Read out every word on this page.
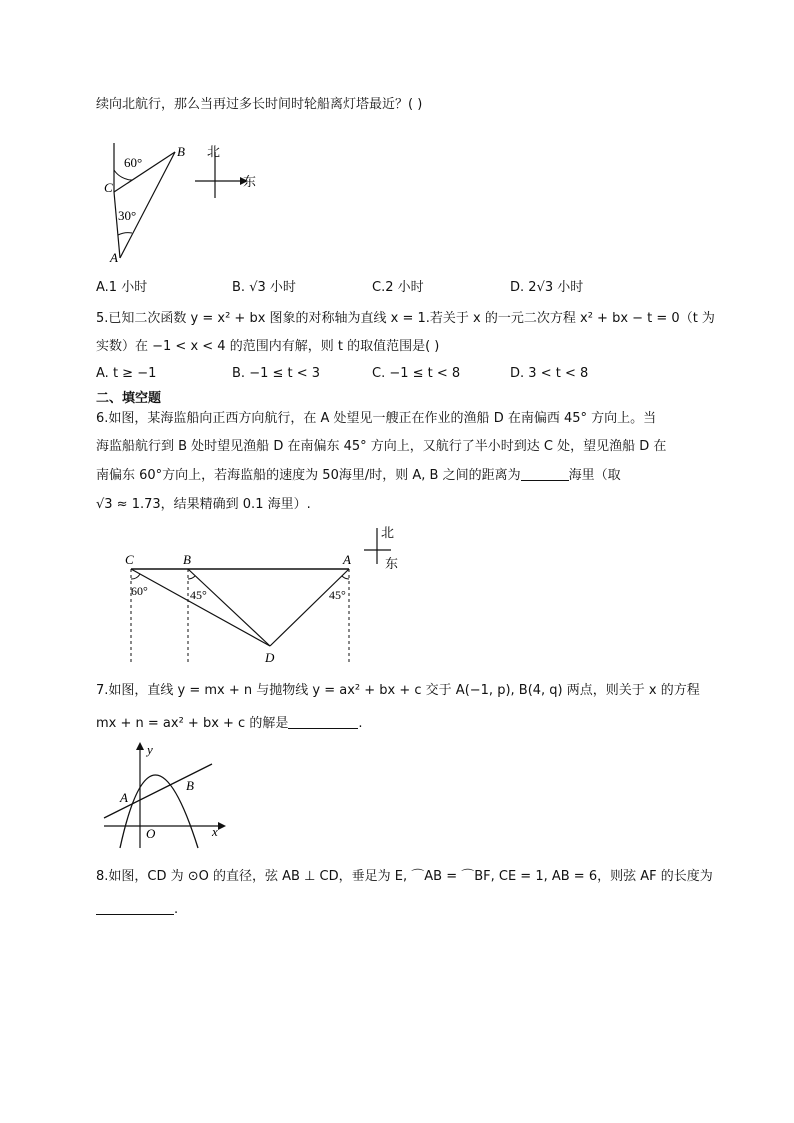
续向北航行，那么当再过多长时间时轮船离灯塔最近？( )
60°
30°
B
C
A
北
东
A.1 小时	B. √3 小时	C.2 小时	D. 2√3 小时
5.已知二次函数 y = x² + bx 图象的对称轴为直线 x = 1.若关于 x 的一元二次方程 x² + bx − t = 0（t 为
实数）在 −1 < x < 4 的范围内有解，则 t 的取值范围是( )
A. t ≥ −1	B. −1 ≤ t < 3	C. −1 ≤ t < 8	D. 3 < t < 8
二、填空题
6.如图，某海监船向正西方向航行，在 A 处望见一艘正在作业的渔船 D 在南偏西 45° 方向上。当
海监船航行到 B 处时望见渔船 D 在南偏东 45° 方向上，又航行了半小时到达 C 处，望见渔船 D 在
南偏东 60°方向上，若海监船的速度为 50海里/时，则 A, B 之间的距离为	海里（取
√3 ≈ 1.73，结果精确到 0.1 海里）.
C	B	A
D
60°	45°	45°
北
东
7.如图，直线 y = mx + n 与抛物线 y = ax² + bx + c 交于 A(−1, p), B(4, q) 两点，则关于 x 的方程
mx + n = ax² + bx + c 的解是	.
y
x
O
A
B
8.如图，CD 为 ⊙O 的直径，弦 AB ⊥ CD，垂足为 E, ⌒AB = ⌒BF, CE = 1, AB = 6，则弦 AF 的长度为
.
